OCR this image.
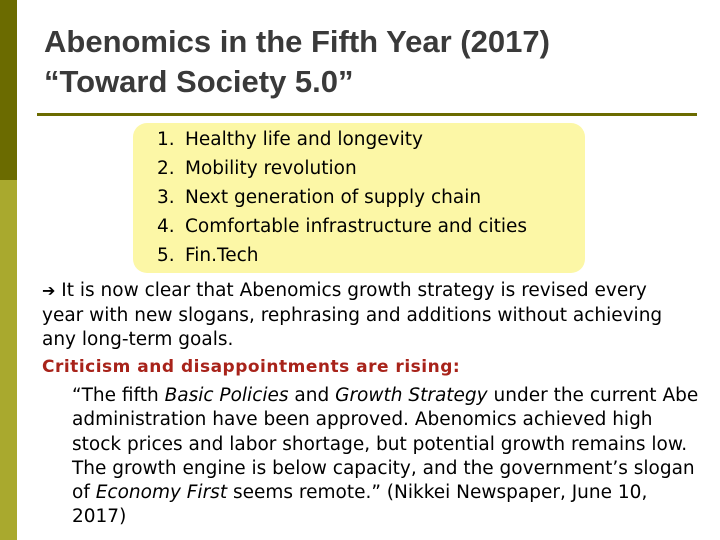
Abenomics in the Fifth Year (2017)
“Toward Society 5.0”
1. Healthy life and longevity
2. Mobility revolution
3. Next generation of supply chain
4. Comfortable infrastructure and cities
5. Fin.Tech

➔ It is now clear that Abenomics growth strategy is revised every year with new slogans, rephrasing and additions without achieving any long-term goals.

Criticism and disappointments are rising:

“The fifth Basic Policies and Growth Strategy under the current Abe administration have been approved. Abenomics achieved high stock prices and labor shortage, but potential growth remains low. The growth engine is below capacity, and the government’s slogan of Economy First seems remote.” (Nikkei Newspaper, June 10, 2017)
